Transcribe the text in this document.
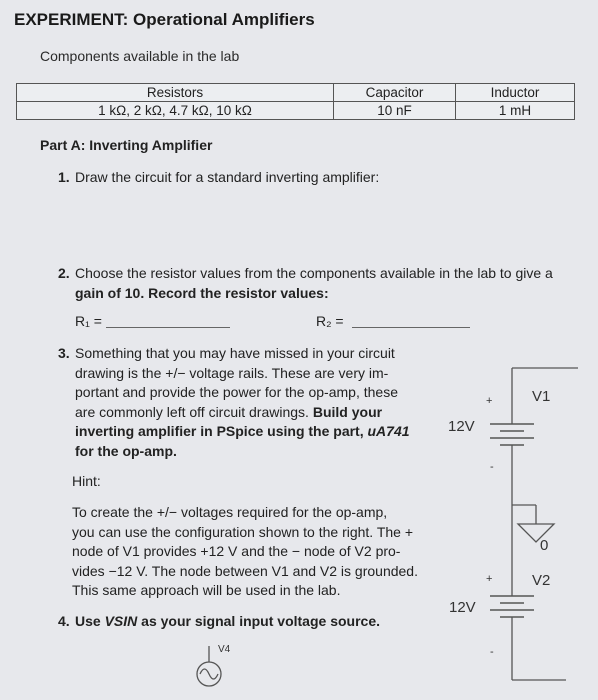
EXPERIMENT: Operational Amplifiers
Components available in the lab
Resistors	Capacitor	Inductor
1 kΩ, 2 kΩ, 4.7 kΩ, 10 kΩ	10 nF	1 mH
Part A: Inverting Amplifier
1. Draw the circuit for a standard inverting amplifier:
2. Choose the resistor values from the components available in the lab to give a
gain of 10. Record the resistor values:
R₁ =	R₂ =
3. Something that you may have missed in your circuit
drawing is the +/− voltage rails. These are very im-
portant and provide the power for the op-amp, these
are commonly left off circuit drawings. Build your
inverting amplifier in PSpice using the part, uA741
for the op-amp.
Hint:
To create the +/− voltages required for the op-amp,
you can use the configuration shown to the right. The +
node of V1 provides +12 V and the − node of V2 pro-
vides −12 V. The node between V1 and V2 is grounded.
This same approach will be used in the lab.
4. Use VSIN as your signal input voltage source.
V1
12V
+
-
0
V2
12V
+
-
V4
